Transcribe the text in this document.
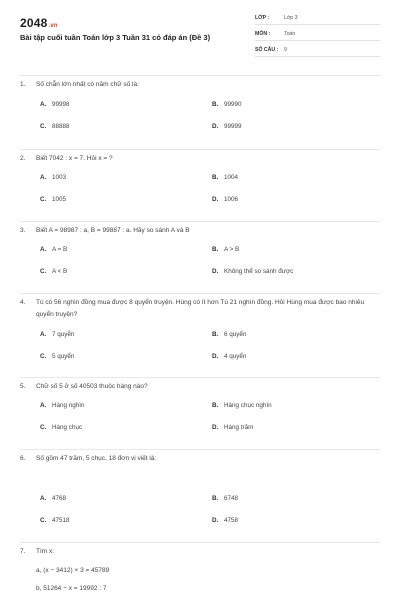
2048.vn
Bài tập cuối tuần Toán lớp 3 Tuần 31 có đáp án (Đề 3)
LỚP :	Lớp 3
MÔN :	Toán
SỐ CÂU :	9
1.	Số chẵn lớn nhất có năm chữ số là:
A. 99998	B. 99990
C. 88888	D. 99999
2.	Biết 7042 : x = 7. Hỏi x = ?
A. 1003	B. 1004
C. 1005	D. 1006
3.	Biết A = 98987 : a, B = 99887 : a. Hãy so sánh A và B
A. A = B	B. A > B
C. A < B	D. Không thể so sánh được
4.	Tú có 56 nghìn đồng mua được 8 quyển truyện. Hùng có ít hơn Tú 21 nghìn đồng. Hỏi Hùng mua được bao nhiêu quyển truyện?
A. 7 quyển	B. 6 quyển
C. 5 quyển	D. 4 quyển
5.	Chữ số 5 ở số 40503 thuộc hàng nào?
A. Hàng nghìn	B. Hàng chục nghìn
C. Hàng chục	D. Hàng trăm
6.	Số gồm 47 trăm, 5 chục, 18 đơn vị viết là:
A. 4768	B. 6748
C. 47518	D. 4758
7.	Tìm x:
a, (x − 3412) × 3 = 45789
b, 51264 − x = 19992 : 7
